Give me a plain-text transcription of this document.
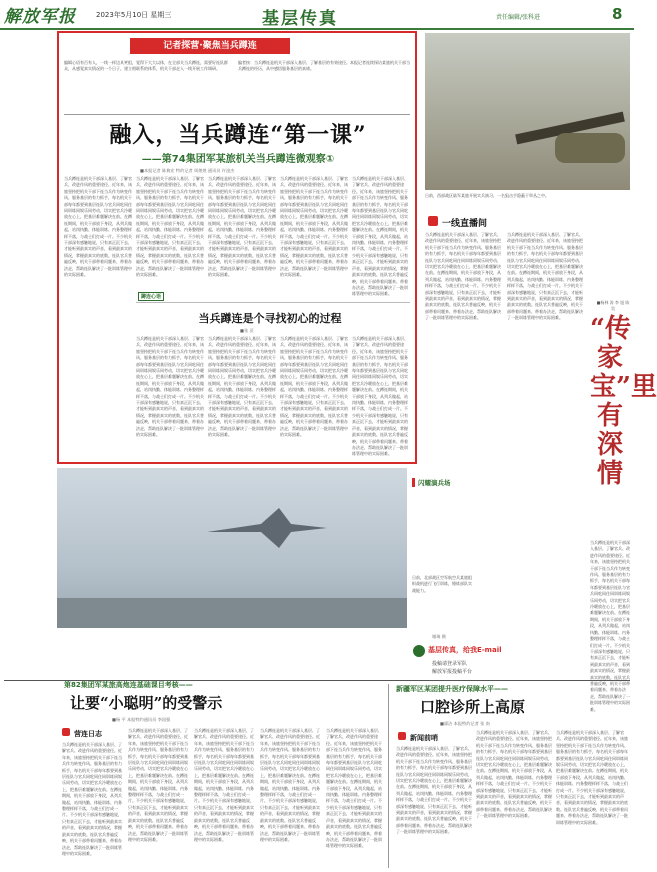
解放军报	2023年5月10日 星期三	基层传真	责任编辑/张科进	8
记者探营·聚焦当兵蹲连
编辑心语有百有人，一线一样边具笑组，觉得下大大以体，在全部关当兵蹲连，需要好连队群众，从感觉真实情况的一个日子。建立相联系的体系，机关干部走入一线开展工作调研。
编者按：当兵蹲连是机关干部深入基层、了解基层的有效途径。本报记者连续探访某旅机关干部当兵蹲连的经历，从中感悟服务基层的真谛。
融入，当兵蹲连“第一课”
——第74集团军某旅机关当兵蹲连微观察①
■本报记者 陈典宏 特约记者 周煌煌 通讯员 许淦杰
当兵蹲连是机关干部深入基层、了解官兵、改进作风的重要途径。近年来，该旅坚持把机关干部下连当兵作为转变作风、服务基层的有力抓手，每名机关干部每年都要到基层连队与官兵同吃同住同训练同娱乐同劳动，切实把官兵冷暖放在心上，把基层难题解决在前。在蹲连期间，机关干部放下身段，从列兵做起，站岗执勤、体能训练、内务整理样样不落，与战士们打成一片。不少机关干部深有感触地说，只有真正沉下去，才能听到最真实的声音，看到最真实的情况，掌握最真实的底数。连队官兵普遍反映，机关干部带着问题来、带着办法走，帮助连队解决了一批训练管理中的实际困难。
当兵蹲连是机关干部深入基层、了解官兵、改进作风的重要途径。近年来，该旅坚持把机关干部下连当兵作为转变作风、服务基层的有力抓手，每名机关干部每年都要到基层连队与官兵同吃同住同训练同娱乐同劳动，切实把官兵冷暖放在心上，把基层难题解决在前。在蹲连期间，机关干部放下身段，从列兵做起，站岗执勤、体能训练、内务整理样样不落，与战士们打成一片。不少机关干部深有感触地说，只有真正沉下去，才能听到最真实的声音，看到最真实的情况，掌握最真实的底数。连队官兵普遍反映，机关干部带着问题来、带着办法走，帮助连队解决了一批训练管理中的实际困难。
当兵蹲连是机关干部深入基层、了解官兵、改进作风的重要途径。近年来，该旅坚持把机关干部下连当兵作为转变作风、服务基层的有力抓手，每名机关干部每年都要到基层连队与官兵同吃同住同训练同娱乐同劳动，切实把官兵冷暖放在心上，把基层难题解决在前。在蹲连期间，机关干部放下身段，从列兵做起，站岗执勤、体能训练、内务整理样样不落，与战士们打成一片。不少机关干部深有感触地说，只有真正沉下去，才能听到最真实的声音，看到最真实的情况，掌握最真实的底数。连队官兵普遍反映，机关干部带着问题来、带着办法走，帮助连队解决了一批训练管理中的实际困难。
当兵蹲连是机关干部深入基层、了解官兵、改进作风的重要途径。近年来，该旅坚持把机关干部下连当兵作为转变作风、服务基层的有力抓手，每名机关干部每年都要到基层连队与官兵同吃同住同训练同娱乐同劳动，切实把官兵冷暖放在心上，把基层难题解决在前。在蹲连期间，机关干部放下身段，从列兵做起，站岗执勤、体能训练、内务整理样样不落，与战士们打成一片。不少机关干部深有感触地说，只有真正沉下去，才能听到最真实的声音，看到最真实的情况，掌握最真实的底数。连队官兵普遍反映，机关干部带着问题来、带着办法走，帮助连队解决了一批训练管理中的实际困难。
当兵蹲连是机关干部深入基层、了解官兵、改进作风的重要途径。近年来，该旅坚持把机关干部下连当兵作为转变作风、服务基层的有力抓手，每名机关干部每年都要到基层连队与官兵同吃同住同训练同娱乐同劳动，切实把官兵冷暖放在心上，把基层难题解决在前。在蹲连期间，机关干部放下身段，从列兵做起，站岗执勤、体能训练、内务整理样样不落，与战士们打成一片。不少机关干部深有感触地说，只有真正沉下去，才能听到最真实的声音，看到最真实的情况，掌握最真实的底数。连队官兵普遍反映，机关干部带着问题来、带着办法走，帮助连队解决了一批训练管理中的实际困难。
蹲连心语
当兵蹲连是个寻找初心的过程
■张 沃
当兵蹲连是机关干部深入基层、了解官兵、改进作风的重要途径。近年来，该旅坚持把机关干部下连当兵作为转变作风、服务基层的有力抓手，每名机关干部每年都要到基层连队与官兵同吃同住同训练同娱乐同劳动，切实把官兵冷暖放在心上，把基层难题解决在前。在蹲连期间，机关干部放下身段，从列兵做起，站岗执勤、体能训练、内务整理样样不落，与战士们打成一片。不少机关干部深有感触地说，只有真正沉下去，才能听到最真实的声音，看到最真实的情况，掌握最真实的底数。连队官兵普遍反映，机关干部带着问题来、带着办法走，帮助连队解决了一批训练管理中的实际困难。
当兵蹲连是机关干部深入基层、了解官兵、改进作风的重要途径。近年来，该旅坚持把机关干部下连当兵作为转变作风、服务基层的有力抓手，每名机关干部每年都要到基层连队与官兵同吃同住同训练同娱乐同劳动，切实把官兵冷暖放在心上，把基层难题解决在前。在蹲连期间，机关干部放下身段，从列兵做起，站岗执勤、体能训练、内务整理样样不落，与战士们打成一片。不少机关干部深有感触地说，只有真正沉下去，才能听到最真实的声音，看到最真实的情况，掌握最真实的底数。连队官兵普遍反映，机关干部带着问题来、带着办法走，帮助连队解决了一批训练管理中的实际困难。
当兵蹲连是机关干部深入基层、了解官兵、改进作风的重要途径。近年来，该旅坚持把机关干部下连当兵作为转变作风、服务基层的有力抓手，每名机关干部每年都要到基层连队与官兵同吃同住同训练同娱乐同劳动，切实把官兵冷暖放在心上，把基层难题解决在前。在蹲连期间，机关干部放下身段，从列兵做起，站岗执勤、体能训练、内务整理样样不落，与战士们打成一片。不少机关干部深有感触地说，只有真正沉下去，才能听到最真实的声音，看到最真实的情况，掌握最真实的底数。连队官兵普遍反映，机关干部带着问题来、带着办法走，帮助连队解决了一批训练管理中的实际困难。
当兵蹲连是机关干部深入基层、了解官兵、改进作风的重要途径。近年来，该旅坚持把机关干部下连当兵作为转变作风、服务基层的有力抓手，每名机关干部每年都要到基层连队与官兵同吃同住同训练同娱乐同劳动，切实把官兵冷暖放在心上，把基层难题解决在前。在蹲连期间，机关干部放下身段，从列兵做起，站岗执勤、体能训练、内务整理样样不落，与战士们打成一片。不少机关干部深有感触地说，只有真正沉下去，才能听到最真实的声音，看到最真实的情况，掌握最真实的底数。连队官兵普遍反映，机关干部带着问题来、带着办法走，帮助连队解决了一批训练管理中的实际困难。
日前，西部战区陆军某旅开展实兵演习，一名狙击手隐蔽于草丛之中。
一线直播间
当兵蹲连是机关干部深入基层、了解官兵、改进作风的重要途径。近年来，该旅坚持把机关干部下连当兵作为转变作风、服务基层的有力抓手，每名机关干部每年都要到基层连队与官兵同吃同住同训练同娱乐同劳动，切实把官兵冷暖放在心上，把基层难题解决在前。在蹲连期间，机关干部放下身段，从列兵做起，站岗执勤、体能训练、内务整理样样不落，与战士们打成一片。不少机关干部深有感触地说，只有真正沉下去，才能听到最真实的声音，看到最真实的情况，掌握最真实的底数。连队官兵普遍反映，机关干部带着问题来、带着办法走，帮助连队解决了一批训练管理中的实际困难。
当兵蹲连是机关干部深入基层、了解官兵、改进作风的重要途径。近年来，该旅坚持把机关干部下连当兵作为转变作风、服务基层的有力抓手，每名机关干部每年都要到基层连队与官兵同吃同住同训练同娱乐同劳动，切实把官兵冷暖放在心上，把基层难题解决在前。在蹲连期间，机关干部放下身段，从列兵做起，站岗执勤、体能训练、内务整理样样不落，与战士们打成一片。不少机关干部深有感触地说，只有真正沉下去，才能听到最真实的声音，看到最真实的情况，掌握最真实的底数。连队官兵普遍反映，机关干部带着问题来、带着办法走，帮助连队解决了一批训练管理中的实际困难。	“传家宝”里有深情
■杨林 涛 李 旭 陈 昊
当兵蹲连是机关干部深入基层、了解官兵、改进作风的重要途径。近年来，该旅坚持把机关干部下连当兵作为转变作风、服务基层的有力抓手，每名机关干部每年都要到基层连队与官兵同吃同住同训练同娱乐同劳动，切实把官兵冷暖放在心上，把基层难题解决在前。在蹲连期间，机关干部放下身段，从列兵做起，站岗执勤、体能训练、内务整理样样不落，与战士们打成一片。不少机关干部深有感触地说，只有真正沉下去，才能听到最真实的声音，看到最真实的情况，掌握最真实的底数。连队官兵普遍反映，机关干部带着问题来、带着办法走，帮助连队解决了一批训练管理中的实际困难。
闪耀演兵场
日前，北部战区空军航空兵某旅组织战机进行飞行训练，锤炼部队实战能力。
谢瑞 摄
基层传真，给我E-mail
投稿请登录军队
解放军报投稿平台
第82集团军某旅高炮连基础课目考核——
让要“小聪明”的受警示
■杨 平 本报特约通讯员 李国强
营连日志
当兵蹲连是机关干部深入基层、了解官兵、改进作风的重要途径。近年来，该旅坚持把机关干部下连当兵作为转变作风、服务基层的有力抓手，每名机关干部每年都要到基层连队与官兵同吃同住同训练同娱乐同劳动，切实把官兵冷暖放在心上，把基层难题解决在前。在蹲连期间，机关干部放下身段，从列兵做起，站岗执勤、体能训练、内务整理样样不落，与战士们打成一片。不少机关干部深有感触地说，只有真正沉下去，才能听到最真实的声音，看到最真实的情况，掌握最真实的底数。连队官兵普遍反映，机关干部带着问题来、带着办法走，帮助连队解决了一批训练管理中的实际困难。
当兵蹲连是机关干部深入基层、了解官兵、改进作风的重要途径。近年来，该旅坚持把机关干部下连当兵作为转变作风、服务基层的有力抓手，每名机关干部每年都要到基层连队与官兵同吃同住同训练同娱乐同劳动，切实把官兵冷暖放在心上，把基层难题解决在前。在蹲连期间，机关干部放下身段，从列兵做起，站岗执勤、体能训练、内务整理样样不落，与战士们打成一片。不少机关干部深有感触地说，只有真正沉下去，才能听到最真实的声音，看到最真实的情况，掌握最真实的底数。连队官兵普遍反映，机关干部带着问题来、带着办法走，帮助连队解决了一批训练管理中的实际困难。
当兵蹲连是机关干部深入基层、了解官兵、改进作风的重要途径。近年来，该旅坚持把机关干部下连当兵作为转变作风、服务基层的有力抓手，每名机关干部每年都要到基层连队与官兵同吃同住同训练同娱乐同劳动，切实把官兵冷暖放在心上，把基层难题解决在前。在蹲连期间，机关干部放下身段，从列兵做起，站岗执勤、体能训练、内务整理样样不落，与战士们打成一片。不少机关干部深有感触地说，只有真正沉下去，才能听到最真实的声音，看到最真实的情况，掌握最真实的底数。连队官兵普遍反映，机关干部带着问题来、带着办法走，帮助连队解决了一批训练管理中的实际困难。
当兵蹲连是机关干部深入基层、了解官兵、改进作风的重要途径。近年来，该旅坚持把机关干部下连当兵作为转变作风、服务基层的有力抓手，每名机关干部每年都要到基层连队与官兵同吃同住同训练同娱乐同劳动，切实把官兵冷暖放在心上，把基层难题解决在前。在蹲连期间，机关干部放下身段，从列兵做起，站岗执勤、体能训练、内务整理样样不落，与战士们打成一片。不少机关干部深有感触地说，只有真正沉下去，才能听到最真实的声音，看到最真实的情况，掌握最真实的底数。连队官兵普遍反映，机关干部带着问题来、带着办法走，帮助连队解决了一批训练管理中的实际困难。
当兵蹲连是机关干部深入基层、了解官兵、改进作风的重要途径。近年来，该旅坚持把机关干部下连当兵作为转变作风、服务基层的有力抓手，每名机关干部每年都要到基层连队与官兵同吃同住同训练同娱乐同劳动，切实把官兵冷暖放在心上，把基层难题解决在前。在蹲连期间，机关干部放下身段，从列兵做起，站岗执勤、体能训练、内务整理样样不落，与战士们打成一片。不少机关干部深有感触地说，只有真正沉下去，才能听到最真实的声音，看到最真实的情况，掌握最真实的底数。连队官兵普遍反映，机关干部带着问题来、带着办法走，帮助连队解决了一批训练管理中的实际困难。
新疆军区某团提升医疗保障水平——
口腔诊所上高原
■廖洁 本报特约记者 张 南
新闻前哨
当兵蹲连是机关干部深入基层、了解官兵、改进作风的重要途径。近年来，该旅坚持把机关干部下连当兵作为转变作风、服务基层的有力抓手，每名机关干部每年都要到基层连队与官兵同吃同住同训练同娱乐同劳动，切实把官兵冷暖放在心上，把基层难题解决在前。在蹲连期间，机关干部放下身段，从列兵做起，站岗执勤、体能训练、内务整理样样不落，与战士们打成一片。不少机关干部深有感触地说，只有真正沉下去，才能听到最真实的声音，看到最真实的情况，掌握最真实的底数。连队官兵普遍反映，机关干部带着问题来、带着办法走，帮助连队解决了一批训练管理中的实际困难。
当兵蹲连是机关干部深入基层、了解官兵、改进作风的重要途径。近年来，该旅坚持把机关干部下连当兵作为转变作风、服务基层的有力抓手，每名机关干部每年都要到基层连队与官兵同吃同住同训练同娱乐同劳动，切实把官兵冷暖放在心上，把基层难题解决在前。在蹲连期间，机关干部放下身段，从列兵做起，站岗执勤、体能训练、内务整理样样不落，与战士们打成一片。不少机关干部深有感触地说，只有真正沉下去，才能听到最真实的声音，看到最真实的情况，掌握最真实的底数。连队官兵普遍反映，机关干部带着问题来、带着办法走，帮助连队解决了一批训练管理中的实际困难。
当兵蹲连是机关干部深入基层、了解官兵、改进作风的重要途径。近年来，该旅坚持把机关干部下连当兵作为转变作风、服务基层的有力抓手，每名机关干部每年都要到基层连队与官兵同吃同住同训练同娱乐同劳动，切实把官兵冷暖放在心上，把基层难题解决在前。在蹲连期间，机关干部放下身段，从列兵做起，站岗执勤、体能训练、内务整理样样不落，与战士们打成一片。不少机关干部深有感触地说，只有真正沉下去，才能听到最真实的声音，看到最真实的情况，掌握最真实的底数。连队官兵普遍反映，机关干部带着问题来、带着办法走，帮助连队解决了一批训练管理中的实际困难。
